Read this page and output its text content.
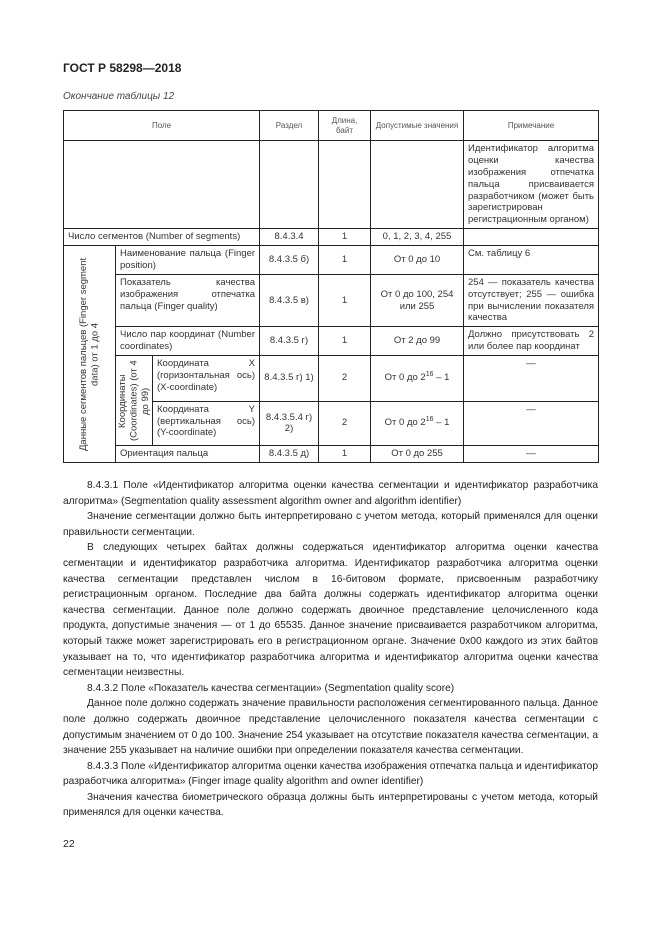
ГОСТ Р 58298—2018
Окончание таблицы 12
Поле			Раздел	Длина, байт	Допустимые значения	Примечание
						Идентификатор алгоритма оценки качества изображения отпечатка пальца присваивается разработчиком (может быть зарегистрирован регистрационным органом)
Число сегментов (Number of segments)			8.4.3.4	1	0, 1, 2, 3, 4, 255	

Данные сегментов пальцев (Finger segment data) от 1 до 4	Наименование пальца (Finger position)		8.4.3.5 б)	1	От 0 до 10	См. таблицу 6
	Показатель качества изображения отпечатка пальца (Finger quality)		8.4.3.5 в)	1	От 0 до 100, 254 или 255	254 — показатель качества отсутствует; 255 — ошибка при вычислении показателя качества
	Число пар координат (Number coordinates)		8.4.3.5 г)	1	От 2 до 99	Должно присутствовать 2 или более пар координат

	Координаты (Coordinates) (от 4 до 99)	Координата X (горизонтальная ось) (X-coordinate)	8.4.3.5 г) 1)	2	От 0 до $2^{16} - 1$	—
		Координата Y (вертикальная ось) (Y-coordinate)	8.4.3.5.4 г) 2)	2	От 0 до $2^{16} - 1$	—
	Ориентация пальца		8.4.3.5 д)	1	От 0 до 255	—

8.4.3.1 Поле «Идентификатор алгоритма оценки качества сегментации и идентификатор разработчика алгоритма» (Segmentation quality assessment algorithm owner and algorithm identifier)

Значение сегментации должно быть интерпретировано с учетом метода, который применялся для оценки правильности сегментации.

В следующих четырех байтах должны содержаться идентификатор алгоритма оценки качества сегментации и идентификатор разработчика алгоритма. Идентификатор разработчика алгоритма оценки качества сегментации представлен числом в 16-битовом формате, присвоенным разработчику регистрационным органом. Последние два байта должны содержать идентификатор алгоритма оценки качества сегментации. Данное поле должно содержать двоичное представление целочисленного кода продукта, допустимые значения — от 1 до 65535. Данное значение присваивается разработчиком алгоритма, который также может зарегистрировать его в регистрационном органе. Значение 0x00 каждого из этих байтов указывает на то, что идентификатор разработчика алгоритма и идентификатор алгоритма оценки качества сегментации неизвестны.

8.4.3.2 Поле «Показатель качества сегментации» (Segmentation quality score)

Данное поле должно содержать значение правильности расположения сегментированного пальца. Данное поле должно содержать двоичное представление целочисленного показателя качества сегментации с допустимым значением от 0 до 100. Значение 254 указывает на отсутствие показателя качества сегментации, а значение 255 указывает на наличие ошибки при определении показателя качества сегментации.

8.4.3.3 Поле «Идентификатор алгоритма оценки качества изображения отпечатка пальца и идентификатор разработчика алгоритма» (Finger image quality algorithm and owner identifier)

Значения качества биометрического образца должны быть интерпретированы с учетом метода, который применялся для оценки качества.

22
